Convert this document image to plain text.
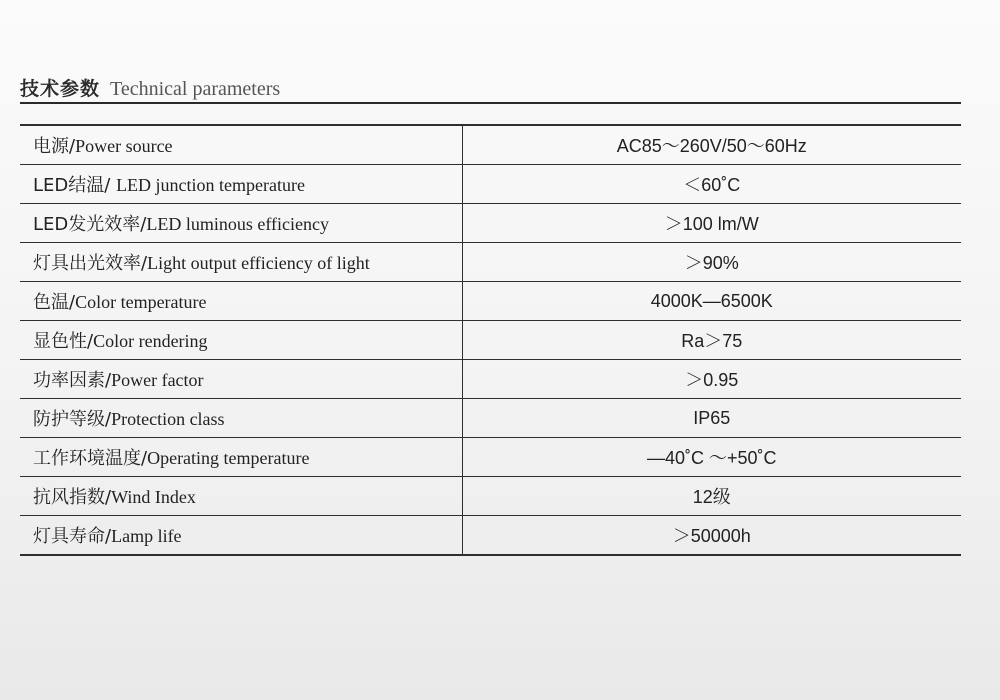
技术参数 Technical parameters
电源/Power source	AC85～260V/50～60Hz
LED结温/ LED junction temperature	＜60˚C
LED发光效率/LED luminous efficiency	＞100 lm/W
灯具出光效率/Light output efficiency of light	＞90%
色温/Color temperature	4000K—6500K
显色性/Color rendering	Ra＞75
功率因素/Power factor	＞0.95
防护等级/Protection class	IP65
工作环境温度/Operating temperature	—40˚C ～+50˚C
抗风指数/Wind Index	12级
灯具寿命/Lamp life	＞50000h
